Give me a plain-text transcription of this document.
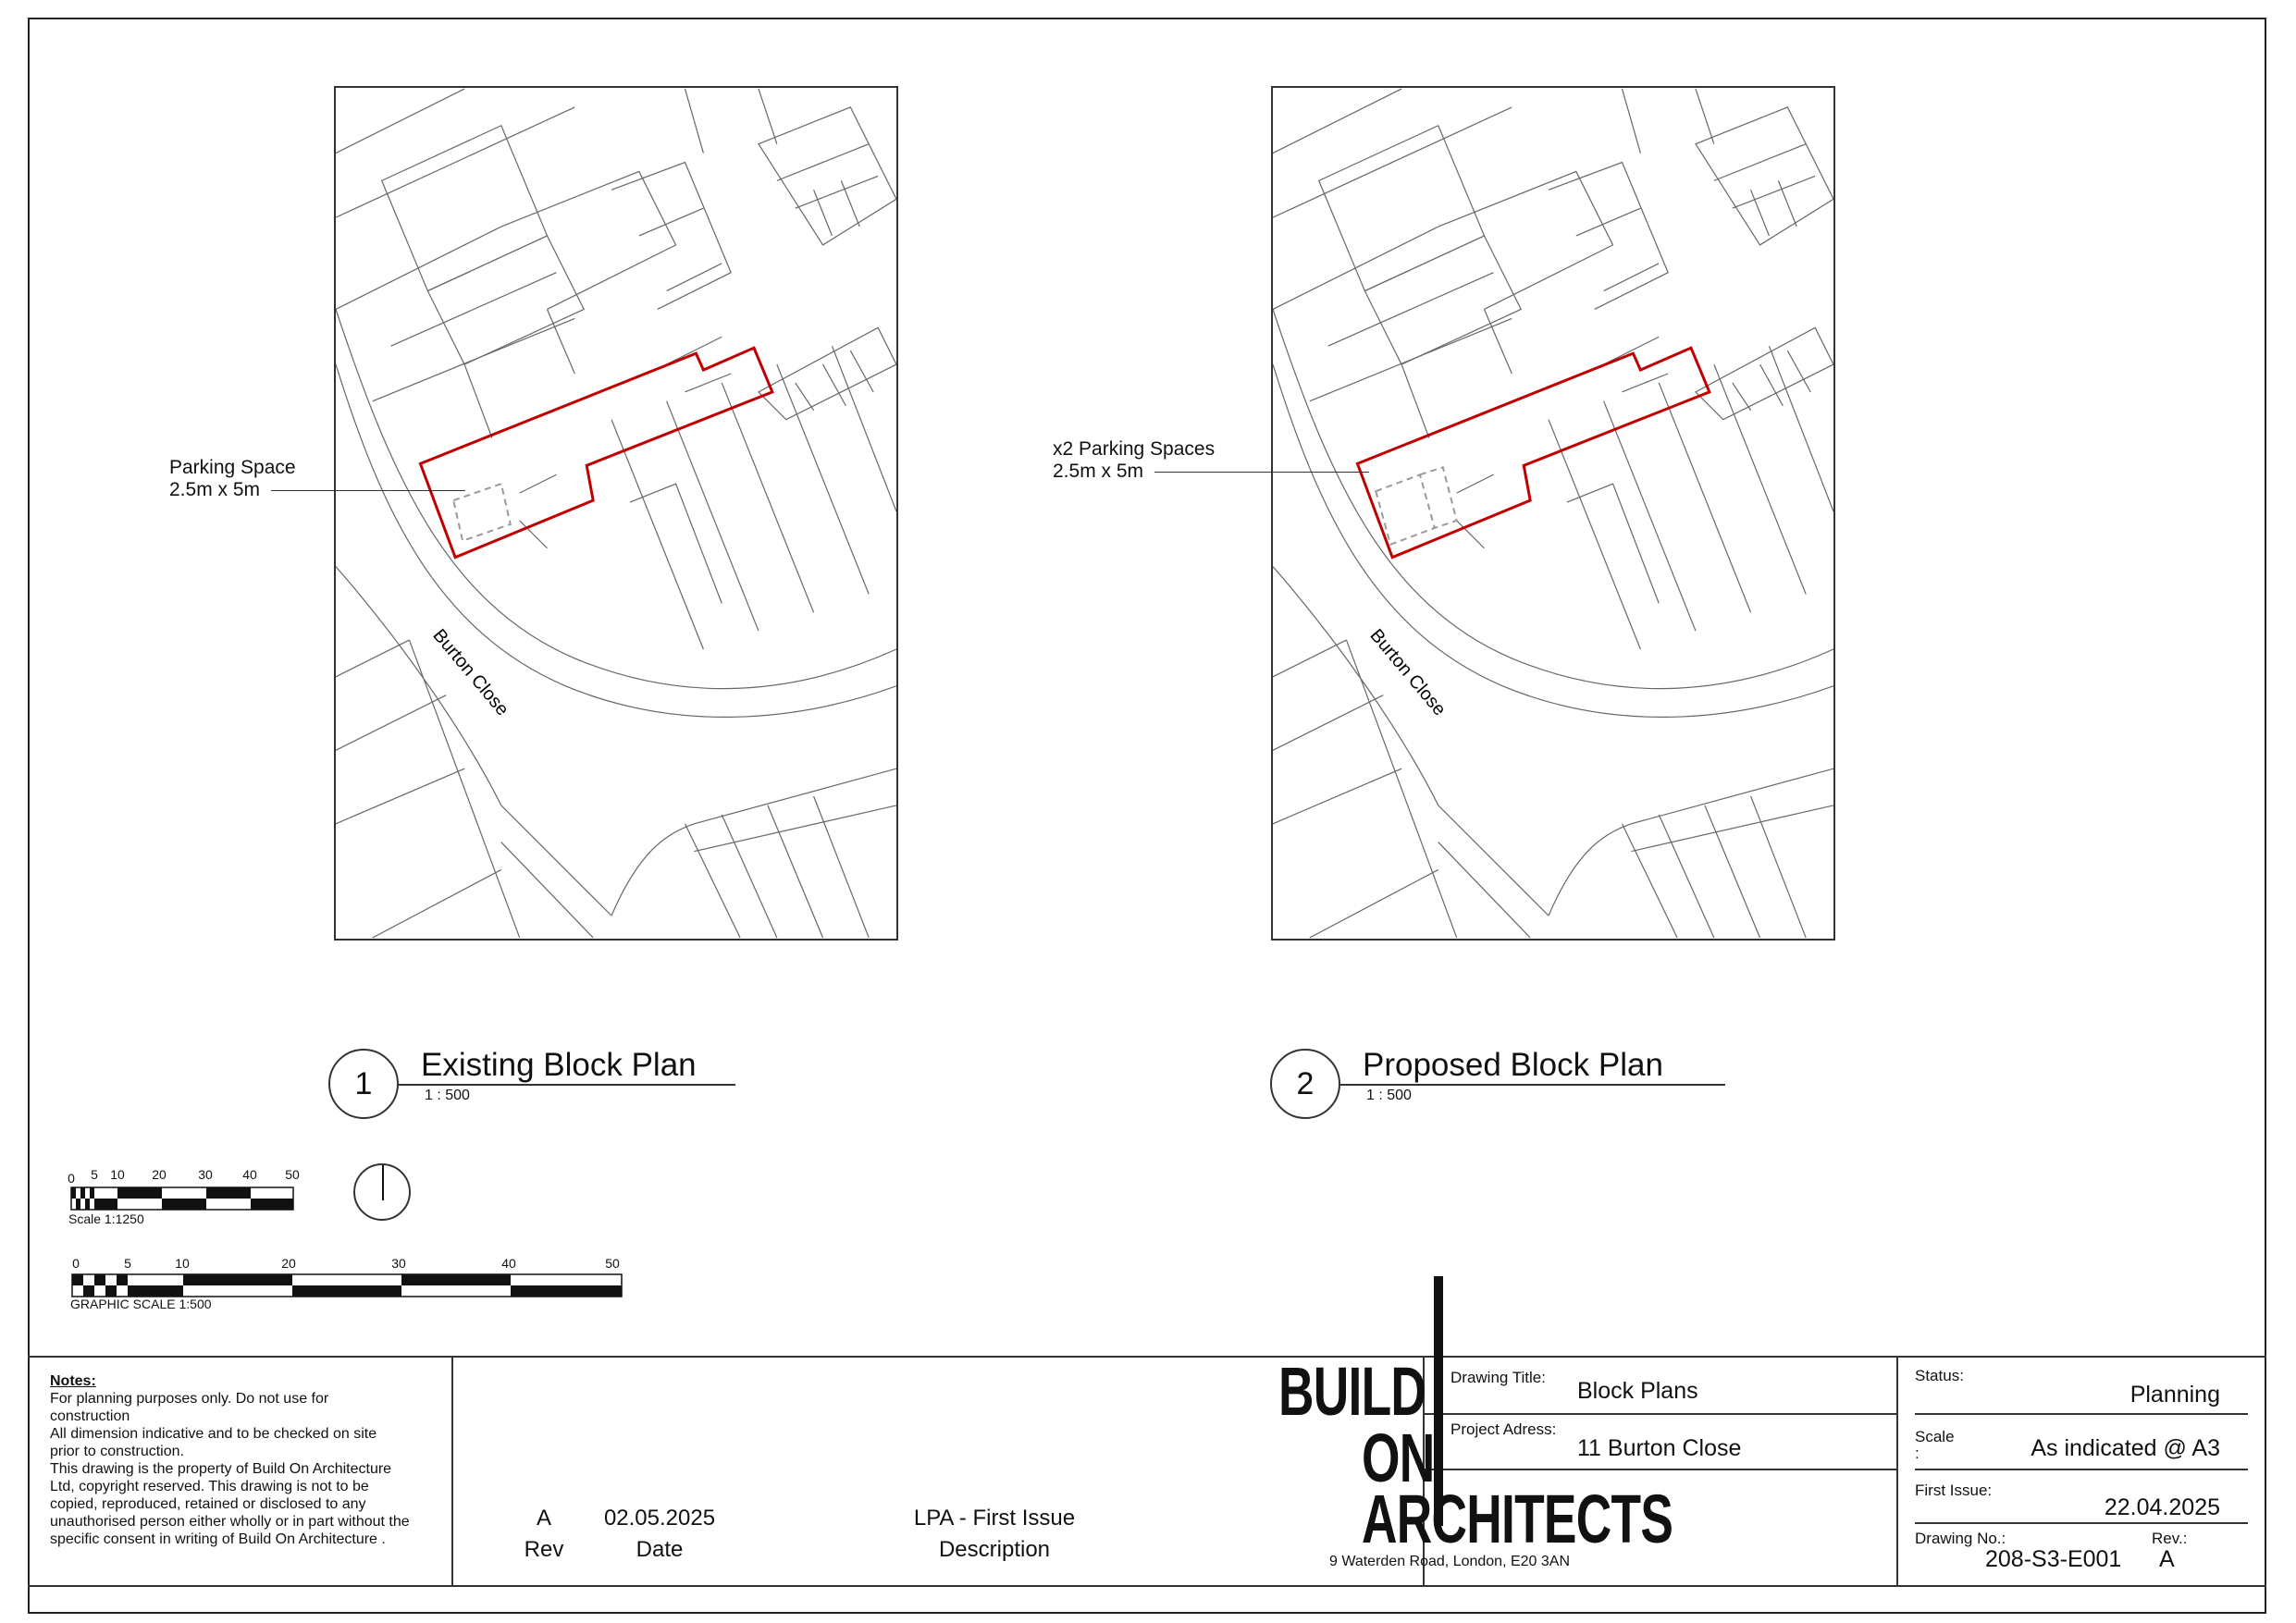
Burton Close	Burton Close
Parking Space
2.5m x 5m
x2 Parking Spaces
2.5m x 5m
1
Existing Block Plan
1 : 500	2
Proposed Block Plan
1 : 500
0 5 10 20 30 40 50
Scale 1:1250
0	5	10	20	30	40	50
GRAPHIC SCALE 1:500

Notes:

For planning purposes only. Do not use for

construction

All dimension indicative and to be checked on site

prior to construction.

This drawing is the property of Build On Architecture

Ltd, copyright reserved. This drawing is not to be

copied, reproduced, retained or disclosed to any

unauthorised person either wholly or in part without the

specific consent in writing of Build On Architecture .

A 02.05.2025	LPA - First Issue
Rev	Date	Description
BUILD
ON
ARCHITECTS
9 Waterden Road, London, E20 3AN
Drawing Title:
Block Plans
Project Adress:
11 Burton Close
Status:
Planning
Scale
:	As indicated @ A3
First Issue:
22.04.2025
Drawing No.:
208-S3-E001
Rev.:
A
